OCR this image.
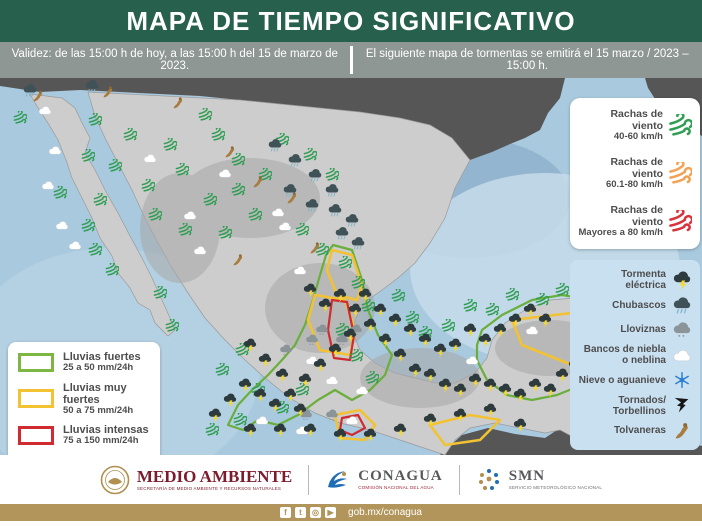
MAPA DE TIEMPO SIGNIFICATIVO
Validez: de las 15:00 h de hoy, a las 15:00 h del 15 de marzo de 2023.
El siguiente mapa de tormentas se emitirá el 15 marzo / 2023 – 15:00 h.
Rachas de viento
40-60 km/h
Rachas de viento
60.1-80 km/h
Rachas de viento
Mayores a 80 km/h
Tormenta eléctrica
Chubascos
Lloviznas
Bancos de niebla o neblina
Nieve o aguanieve
Tornados/ Torbellinos
Tolvaneras
Lluvias fuertes
25 a 50 mm/24h
Lluvias muy fuertes
50 a 75 mm/24h
Lluvias intensas
75 a 150 mm/24h
MEDIO AMBIENTE
SECRETARÍA DE MEDIO AMBIENTE Y RECURSOS NATURALES
CONAGUA
COMISIÓN NACIONAL DEL AGUA
SMN
SERVICIO METEOROLÓGICO NACIONAL
f	t	◎	▶ gob.mx/conagua
